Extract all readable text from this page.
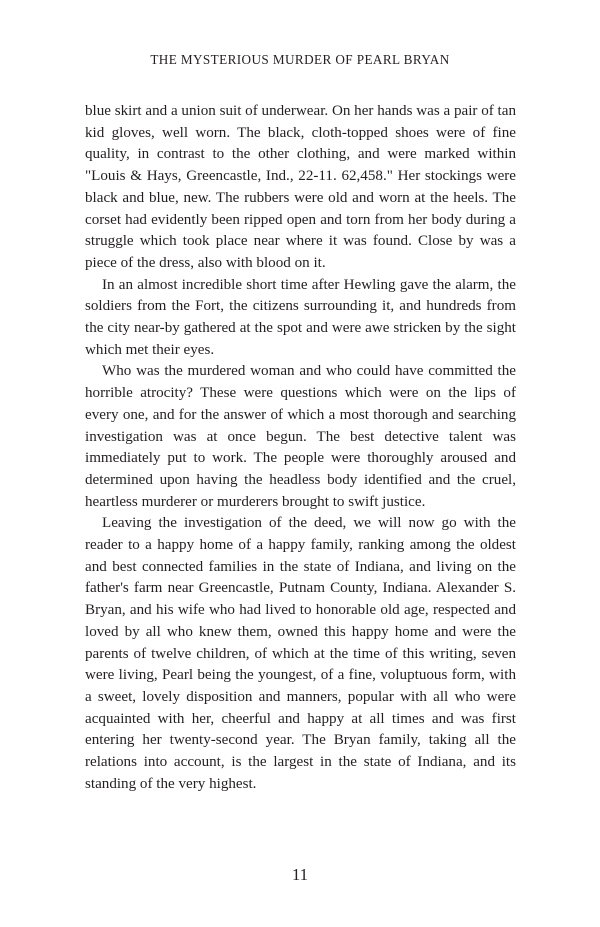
THE MYSTERIOUS MURDER OF PEARL BRYAN

blue skirt and a union suit of underwear. On her hands was a pair of tan kid gloves, well worn. The black, cloth-topped shoes were of fine quality, in contrast to the other clothing, and were marked within "Louis & Hays, Greencastle, Ind., 22-11. 62,458." Her stockings were black and blue, new. The rubbers were old and worn at the heels. The corset had evidently been ripped open and torn from her body during a struggle which took place near where it was found. Close by was a piece of the dress, also with blood on it.

In an almost incredible short time after Hewling gave the alarm, the soldiers from the Fort, the citizens surrounding it, and hundreds from the city near-by gathered at the spot and were awe stricken by the sight which met their eyes.

Who was the murdered woman and who could have committed the horrible atrocity? These were questions which were on the lips of every one, and for the answer of which a most thorough and searching investigation was at once begun. The best detective talent was immediately put to work. The people were thoroughly aroused and determined upon having the headless body identified and the cruel, heartless murderer or murderers brought to swift justice.

Leaving the investigation of the deed, we will now go with the reader to a happy home of a happy family, ranking among the oldest and best connected families in the state of Indiana, and living on the father's farm near Greencastle, Putnam County, Indiana. Alexander S. Bryan, and his wife who had lived to honorable old age, respected and loved by all who knew them, owned this happy home and were the parents of twelve children, of which at the time of this writing, seven were living, Pearl being the youngest, of a fine, voluptuous form, with a sweet, lovely disposition and manners, popular with all who were acquainted with her, cheerful and happy at all times and was first entering her twenty-second year. The Bryan family, taking all the relations into account, is the largest in the state of Indiana, and its standing of the very highest.

11
